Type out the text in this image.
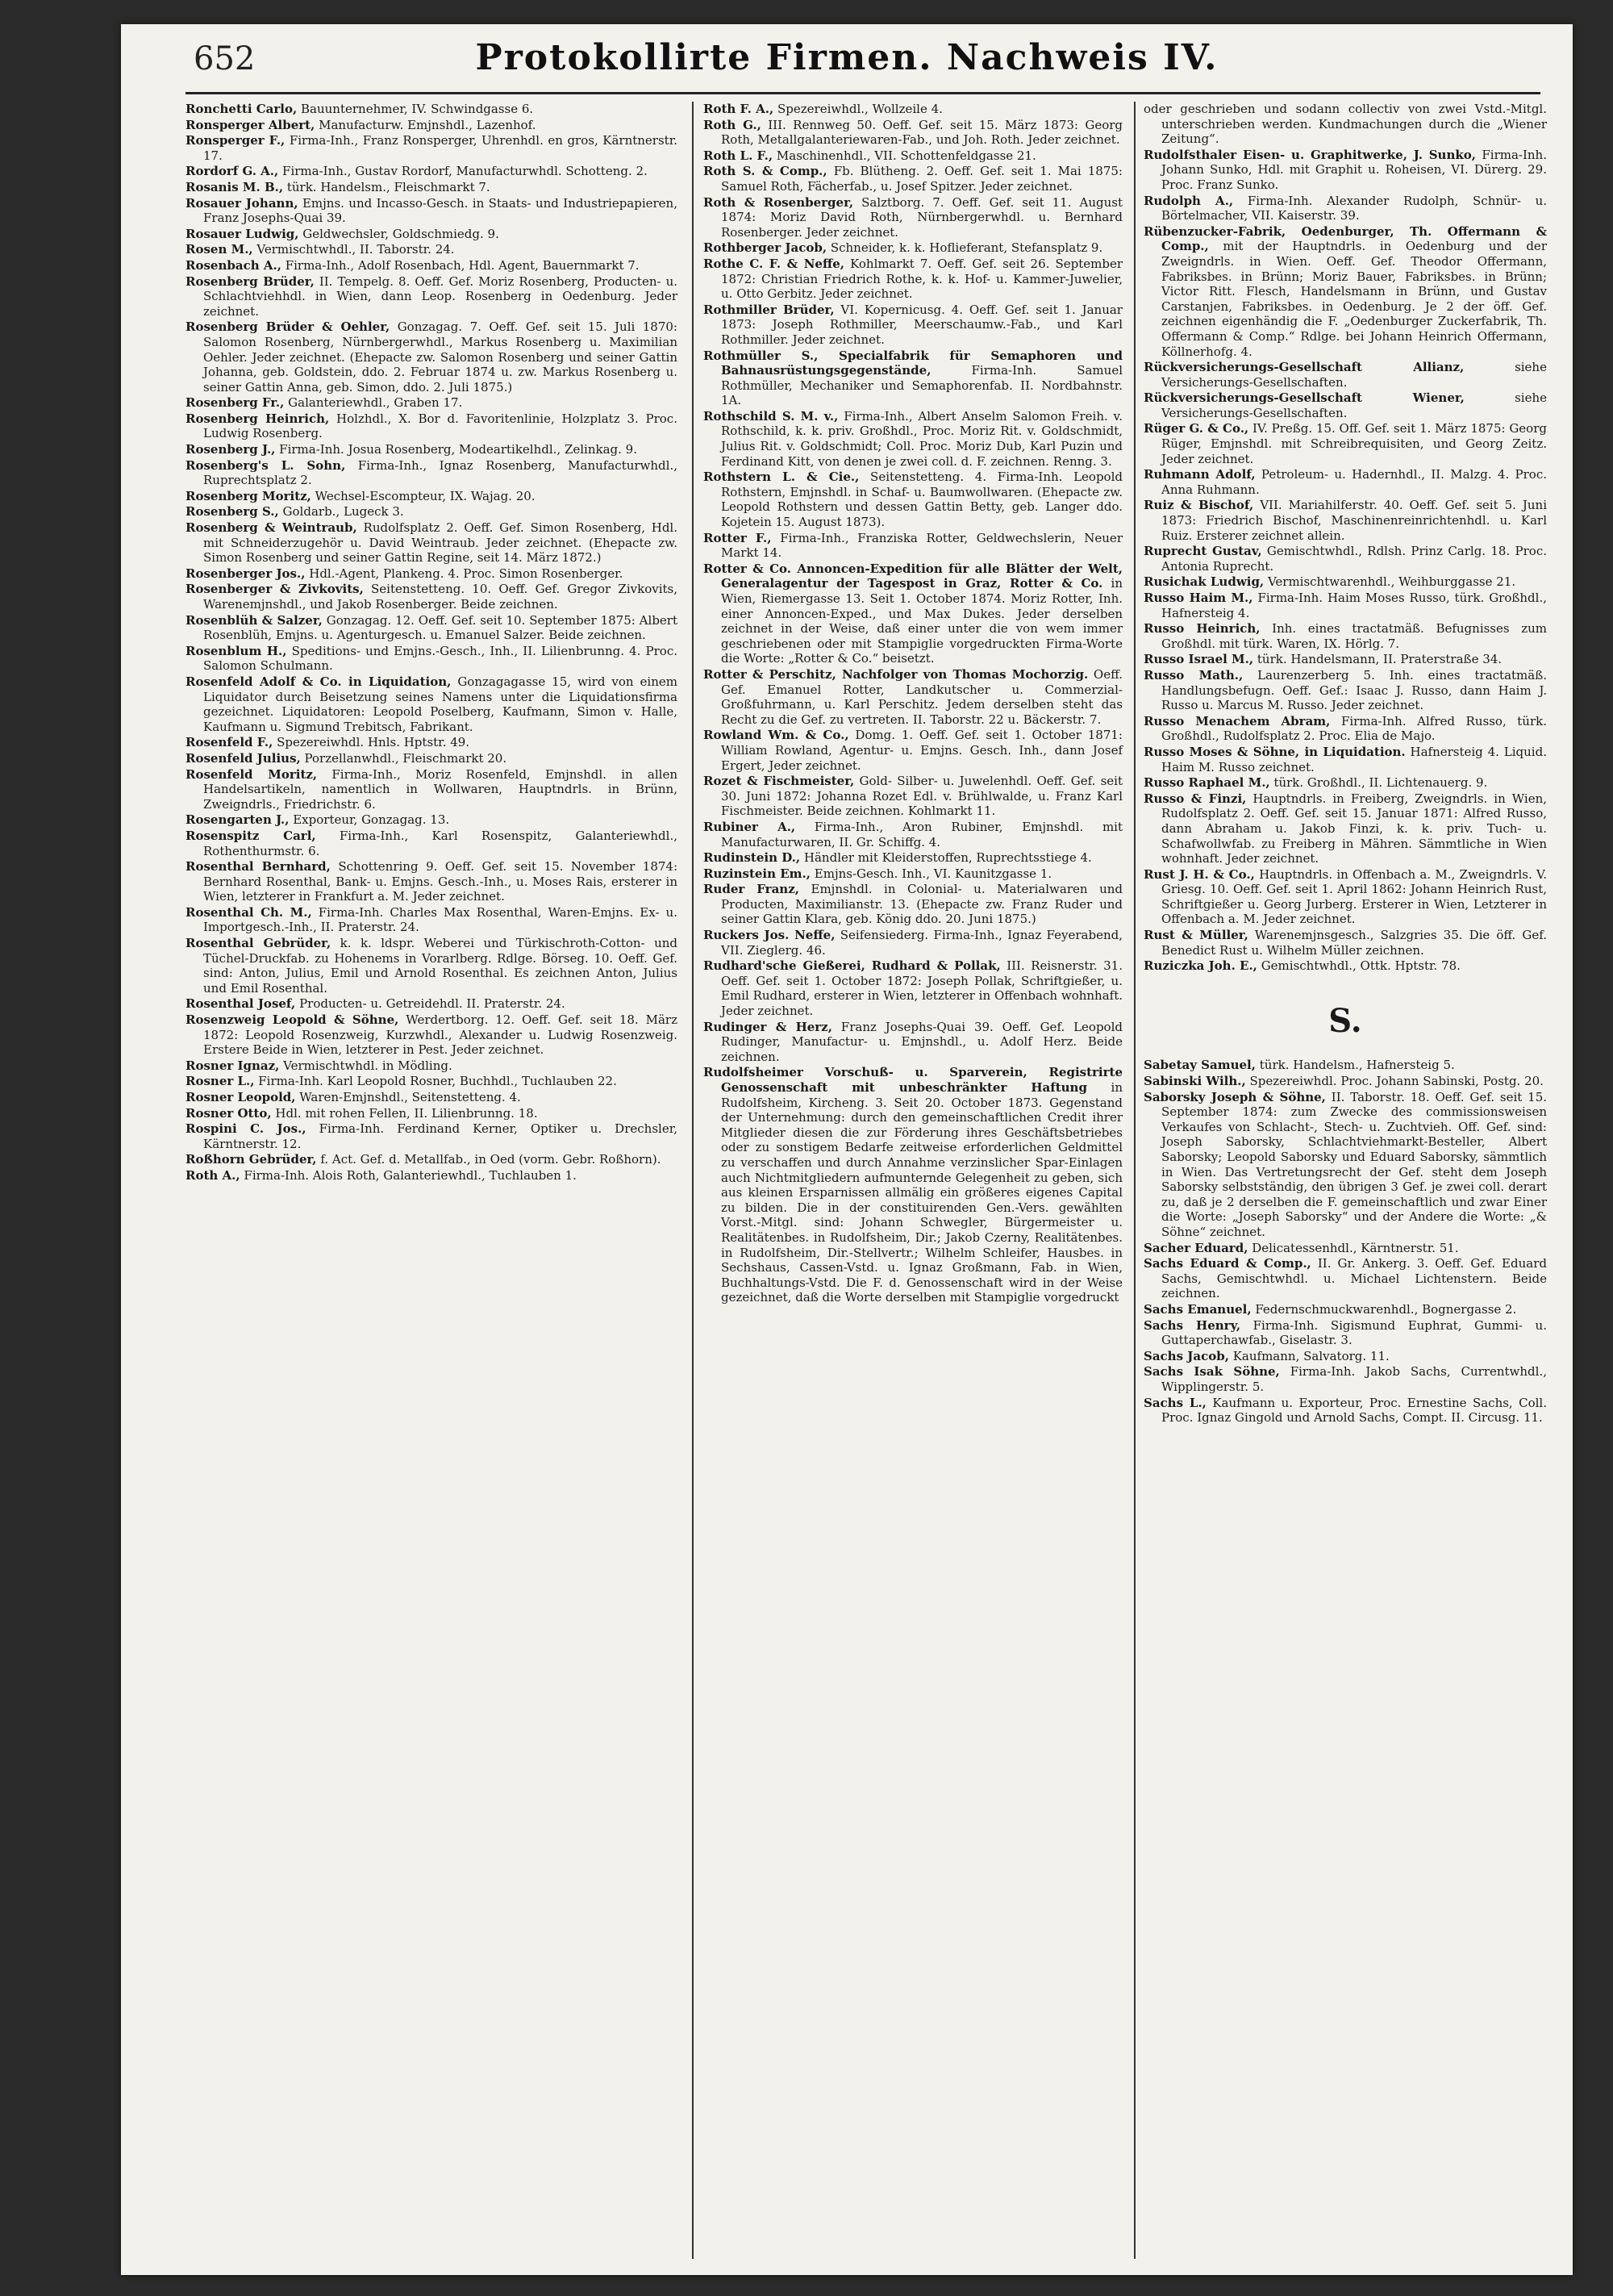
652	Protokollirte Firmen. Nachweis IV.

Ronchetti Carlo, Bauunternehmer, IV. Schwindgasse 6.

Ronsperger Albert, Manufacturw. Emjnshdl., Lazenhof.

Ronsperger F., Firma-Inh., Franz Ronsperger, Uhrenhdl. en gros, Kärntnerstr. 17.

Rordorf G. A., Firma-Inh., Gustav Rordorf, Manufacturwhdl. Schotteng. 2.

Rosanis M. B., türk. Handelsm., Fleischmarkt 7.

Rosauer Johann, Emjns. und Incasso-Gesch. in Staats- und Industriepapieren, Franz Josephs-Quai 39.

Rosauer Ludwig, Geldwechsler, Goldschmiedg. 9.

Rosen M., Vermischtwhdl., II. Taborstr. 24.

Rosenbach A., Firma-Inh., Adolf Rosenbach, Hdl. Agent, Bauernmarkt 7.

Rosenberg Brüder, II. Tempelg. 8. Oeff. Gef. Moriz Rosenberg, Producten- u. Schlachtviehhdl. in Wien, dann Leop. Rosenberg in Oedenburg. Jeder zeichnet.

Rosenberg Brüder & Oehler, Gonzagag. 7. Oeff. Gef. seit 15. Juli 1870: Salomon Rosenberg, Nürnbergerwhdl., Markus Rosenberg u. Maximilian Oehler. Jeder zeichnet. (Ehepacte zw. Salomon Rosenberg und seiner Gattin Johanna, geb. Goldstein, ddo. 2. Februar 1874 u. zw. Markus Rosenberg u. seiner Gattin Anna, geb. Simon, ddo. 2. Juli 1875.)

Rosenberg Fr., Galanteriewhdl., Graben 17.

Rosenberg Heinrich, Holzhdl., X. Bor d. Favoritenlinie, Holzplatz 3. Proc. Ludwig Rosenberg.

Rosenberg J., Firma-Inh. Josua Rosenberg, Modeartikelhdl., Zelinkag. 9.

Rosenberg's L. Sohn, Firma-Inh., Ignaz Rosenberg, Manufacturwhdl., Ruprechtsplatz 2.

Rosenberg Moritz, Wechsel-Escompteur, IX. Wajag. 20.

Rosenberg S., Goldarb., Lugeck 3.

Rosenberg & Weintraub, Rudolfsplatz 2. Oeff. Gef. Simon Rosenberg, Hdl. mit Schneiderzugehör u. David Weintraub. Jeder zeichnet. (Ehepacte zw. Simon Rosenberg und seiner Gattin Regine, seit 14. März 1872.)

Rosenberger Jos., Hdl.-Agent, Plankeng. 4. Proc. Simon Rosenberger.

Rosenberger & Zivkovits, Seitenstetteng. 10. Oeff. Gef. Gregor Zivkovits, Warenemjnshdl., und Jakob Rosenberger. Beide zeichnen.

Rosenblüh & Salzer, Gonzagag. 12. Oeff. Gef. seit 10. September 1875: Albert Rosenblüh, Emjns. u. Agenturgesch. u. Emanuel Salzer. Beide zeichnen.

Rosenblum H., Speditions- und Emjns.-Gesch., Inh., II. Lilienbrunng. 4. Proc. Salomon Schulmann.

Rosenfeld Adolf & Co. in Liquidation, Gonzagagasse 15, wird von einem Liquidator durch Beisetzung seines Namens unter die Liquidationsfirma gezeichnet. Liquidatoren: Leopold Poselberg, Kaufmann, Simon v. Halle, Kaufmann u. Sigmund Trebitsch, Fabrikant.

Rosenfeld F., Spezereiwhdl. Hnls. Hptstr. 49.

Rosenfeld Julius, Porzellanwhdl., Fleischmarkt 20.

Rosenfeld Moritz, Firma-Inh., Moriz Rosenfeld, Emjnshdl. in allen Handelsartikeln, namentlich in Wollwaren, Hauptndrls. in Brünn, Zweigndrls., Friedrichstr. 6.

Rosengarten J., Exporteur, Gonzagag. 13.

Rosenspitz Carl, Firma-Inh., Karl Rosenspitz, Galanteriewhdl., Rothenthurmstr. 6.

Rosenthal Bernhard, Schottenring 9. Oeff. Gef. seit 15. November 1874: Bernhard Rosenthal, Bank- u. Emjns. Gesch.-Inh., u. Moses Rais, ersterer in Wien, letzterer in Frankfurt a. M. Jeder zeichnet.

Rosenthal Ch. M., Firma-Inh. Charles Max Rosenthal, Waren-Emjns. Ex- u. Importgesch.-Inh., II. Praterstr. 24.

Rosenthal Gebrüder, k. k. ldspr. Weberei und Türkischroth-Cotton- und Tüchel-Druckfab. zu Hohenems in Vorarlberg. Rdlge. Börseg. 10. Oeff. Gef. sind: Anton, Julius, Emil und Arnold Rosenthal. Es zeichnen Anton, Julius und Emil Rosenthal.

Rosenthal Josef, Producten- u. Getreidehdl. II. Praterstr. 24.

Rosenzweig Leopold & Söhne, Werdertborg. 12. Oeff. Gef. seit 18. März 1872: Leopold Rosenzweig, Kurzwhdl., Alexander u. Ludwig Rosenzweig. Erstere Beide in Wien, letzterer in Pest. Jeder zeichnet.

Rosner Ignaz, Vermischtwhdl. in Mödling.

Rosner L., Firma-Inh. Karl Leopold Rosner, Buchhdl., Tuchlauben 22.

Rosner Leopold, Waren-Emjnshdl., Seitenstetteng. 4.

Rosner Otto, Hdl. mit rohen Fellen, II. Lilienbrunng. 18.

Rospini C. Jos., Firma-Inh. Ferdinand Kerner, Optiker u. Drechsler, Kärntnerstr. 12.

Roßhorn Gebrüder, f. Act. Gef. d. Metallfab., in Oed (vorm. Gebr. Roßhorn).

Roth A., Firma-Inh. Alois Roth, Galanteriewhdl., Tuchlauben 1.

Roth F. A., Spezereiwhdl., Wollzeile 4.

Roth G., III. Rennweg 50. Oeff. Gef. seit 15. März 1873: Georg Roth, Metallgalanteriewaren-Fab., und Joh. Roth. Jeder zeichnet.

Roth L. F., Maschinenhdl., VII. Schottenfeldgasse 21.

Roth S. & Comp., Fb. Blütheng. 2. Oeff. Gef. seit 1. Mai 1875: Samuel Roth, Fächerfab., u. Josef Spitzer. Jeder zeichnet.

Roth & Rosenberger, Salztborg. 7. Oeff. Gef. seit 11. August 1874: Moriz David Roth, Nürnbergerwhdl. u. Bernhard Rosenberger. Jeder zeichnet.

Rothberger Jacob, Schneider, k. k. Hoflieferant, Stefansplatz 9.

Rothe C. F. & Neffe, Kohlmarkt 7. Oeff. Gef. seit 26. September 1872: Christian Friedrich Rothe, k. k. Hof- u. Kammer-Juwelier, u. Otto Gerbitz. Jeder zeichnet.

Rothmiller Brüder, VI. Kopernicusg. 4. Oeff. Gef. seit 1. Januar 1873: Joseph Rothmiller, Meerschaumw.-Fab., und Karl Rothmiller. Jeder zeichnet.

Rothmüller S., Specialfabrik für Semaphoren und Bahnausrüstungsgegenstände,	Firma-Inh. Samuel Rothmüller, Mechaniker und Semaphorenfab. II. Nordbahnstr. 1A.

Rothschild S. M. v., Firma-Inh., Albert Anselm Salomon Freih. v. Rothschild, k. k. priv. Großhdl., Proc. Moriz Rit. v. Goldschmidt, Julius Rit. v. Goldschmidt; Coll. Proc. Moriz Dub, Karl Puzin und Ferdinand Kitt, von denen je zwei coll. d. F. zeichnen. Renng. 3.

Rothstern L. & Cie., Seitenstetteng. 4. Firma-Inh. Leopold Rothstern, Emjnshdl. in Schaf- u. Baumwollwaren. (Ehepacte zw. Leopold Rothstern und dessen Gattin Betty, geb. Langer ddo. Kojetein 15. August 1873).

Rotter F., Firma-Inh., Franziska Rotter, Geldwechslerin, Neuer Markt 14.

Rotter & Co. Annoncen-Expedition für alle Blätter der Welt, Generalagentur der Tagespost in Graz, Rotter & Co. in Wien, Riemergasse 13. Seit 1. October 1874. Moriz Rotter, Inh. einer Annoncen-Exped., und Max Dukes. Jeder derselben zeichnet in der Weise, daß einer unter die von wem immer geschriebenen oder mit Stampiglie vorgedruckten Firma-Worte die Worte: „Rotter & Co.“ beisetzt.

Rotter & Perschitz, Nachfolger von Thomas Mochorzig. Oeff. Gef. Emanuel Rotter, Landkutscher u. Commerzial-Großfuhrmann, u. Karl Perschitz. Jedem derselben steht das Recht zu die Gef. zu vertreten. II. Taborstr. 22 u. Bäckerstr. 7.

Rowland Wm. & Co., Domg. 1. Oeff. Gef. seit 1. October 1871: William Rowland, Agentur- u. Emjns. Gesch. Inh., dann Josef Ergert, Jeder zeichnet.

Rozet & Fischmeister, Gold- Silber- u. Juwelenhdl. Oeff. Gef. seit 30. Juni 1872: Johanna Rozet Edl. v. Brühlwalde, u. Franz Karl Fischmeister. Beide zeichnen. Kohlmarkt 11.

Rubiner A., Firma-Inh., Aron Rubiner, Emjnshdl. mit Manufacturwaren, II. Gr. Schiffg. 4.

Rudinstein D., Händler mit Kleiderstoffen, Ruprechtsstiege 4.

Ruzinstein Em., Emjns-Gesch. Inh., VI. Kaunitzgasse 1.

Ruder Franz, Emjnshdl. in Colonial- u. Materialwaren und Producten, Maximilianstr. 13. (Ehepacte zw. Franz Ruder und seiner Gattin Klara, geb. König ddo. 20. Juni 1875.)

Ruckers Jos. Neffe, Seifensiederg. Firma-Inh., Ignaz Feyerabend, VII. Zieglerg. 46.

Rudhard'sche Gießerei, Rudhard & Pollak, III. Reisnerstr. 31. Oeff. Gef. seit 1. October 1872: Joseph Pollak, Schriftgießer, u. Emil Rudhard, ersterer in Wien, letzterer in Offenbach wohnhaft. Jeder zeichnet.

Rudinger & Herz, Franz Josephs-Quai 39. Oeff. Gef. Leopold Rudinger, Manufactur- u. Emjnshdl., u. Adolf Herz. Beide zeichnen.

Rudolfsheimer Vorschuß- u. Sparverein, Registrirte Genossenschaft mit unbeschränkter Haftung in Rudolfsheim, Kircheng. 3. Seit 20. October 1873. Gegenstand der Unternehmung: durch den gemeinschaftlichen Credit ihrer Mitglieder diesen die zur Förderung ihres Geschäftsbetriebes oder zu sonstigem Bedarfe zeitweise erforderlichen Geldmittel zu verschaffen und durch Annahme verzinslicher Spar-Einlagen auch Nichtmitgliedern aufmunternde Gelegenheit zu geben, sich aus kleinen Ersparnissen allmälig ein größeres eigenes Capital zu bilden. Die in der constituirenden Gen.-Vers. gewählten Vorst.-Mitgl. sind: Johann Schwegler, Bürgermeister u. Realitätenbes. in Rudolfsheim, Dir.; Jakob Czerny, Realitätenbes. in Rudolfsheim, Dir.-Stellvertr.; Wilhelm Schleifer, Hausbes. in Sechshaus, Cassen-Vstd. u. Ignaz Großmann, Fab. in Wien, Buchhaltungs-Vstd. Die F. d. Genossenschaft wird in der Weise gezeichnet, daß die Worte derselben mit Stampiglie vorgedruckt

oder geschrieben und sodann collectiv von zwei Vstd.-Mitgl. unterschrieben werden. Kundmachungen durch die „Wiener Zeitung“.

Rudolfsthaler Eisen- u. Graphitwerke, J. Sunko, Firma-Inh. Johann Sunko, Hdl. mit Graphit u. Roheisen, VI. Dürerg. 29. Proc. Franz Sunko.

Rudolph A., Firma-Inh. Alexander Rudolph, Schnür- u. Börtelmacher, VII. Kaiserstr. 39.

Rübenzucker-Fabrik, Oedenburger, Th. Offermann & Comp., mit der Hauptndrls. in Oedenburg und der Zweigndrls. in Wien. Oeff. Gef. Theodor Offermann, Fabriksbes. in Brünn; Moriz Bauer, Fabriksbes. in Brünn; Victor Ritt. Flesch, Handelsmann in Brünn, und Gustav Carstanjen, Fabriksbes. in Oedenburg. Je 2 der öff. Gef. zeichnen eigenhändig die F. „Oedenburger Zuckerfabrik, Th. Offermann & Comp.“ Rdlge. bei Johann Heinrich Offermann, Köllnerhofg. 4.

Rückversicherungs-Gesellschaft Allianz,	siehe Versicherungs-Gesellschaften.

Rückversicherungs-Gesellschaft Wiener,	siehe Versicherungs-Gesellschaften.

Rüger G. & Co., IV. Preßg. 15. Off. Gef. seit 1. März 1875: Georg Rüger, Emjnshdl. mit Schreibrequisiten, und Georg Zeitz. Jeder zeichnet.

Ruhmann Adolf, Petroleum- u. Hadernhdl., II. Malzg. 4. Proc. Anna Ruhmann.

Ruiz & Bischof, VII. Mariahilferstr. 40. Oeff. Gef. seit 5. Juni 1873: Friedrich Bischof, Maschinenreinrichtenhdl. u. Karl Ruiz. Ersterer zeichnet allein.

Ruprecht Gustav, Gemischtwhdl., Rdlsh. Prinz Carlg. 18. Proc. Antonia Ruprecht.

Rusichak Ludwig, Vermischtwarenhdl., Weihburggasse 21.

Russo Haim M., Firma-Inh. Haim Moses Russo, türk. Großhdl., Hafnersteig 4.

Russo Heinrich, Inh. eines tractatmäß. Befugnisses zum Großhdl. mit türk. Waren, IX. Hörlg. 7.

Russo Israel M., türk. Handelsmann, II. Praterstraße 34.

Russo Math., Laurenzerberg 5. Inh. eines tractatmäß. Handlungsbefugn. Oeff. Gef.: Isaac J. Russo, dann Haim J. Russo u. Marcus M. Russo. Jeder zeichnet.

Russo Menachem Abram, Firma-Inh. Alfred Russo, türk. Großhdl., Rudolfsplatz 2. Proc. Elia de Majo.

Russo Moses & Söhne, in Liquidation. Hafnersteig 4. Liquid. Haim M. Russo zeichnet.

Russo Raphael M., türk. Großhdl., II. Lichtenauerg. 9.

Russo & Finzi, Hauptndrls. in Freiberg, Zweigndrls. in Wien, Rudolfsplatz 2. Oeff. Gef. seit 15. Januar 1871: Alfred Russo, dann Abraham u. Jakob Finzi, k. k. priv. Tuch- u. Schafwollwfab. zu Freiberg in Mähren. Sämmtliche in Wien wohnhaft. Jeder zeichnet.

Rust J. H. & Co., Hauptndrls. in Offenbach a. M., Zweigndrls. V. Griesg. 10. Oeff. Gef. seit 1. April 1862: Johann Heinrich Rust, Schriftgießer u. Georg Jurberg. Ersterer in Wien, Letzterer in Offenbach a. M. Jeder zeichnet.

Rust & Müller, Warenemjnsgesch., Salzgries 35. Die öff. Gef. Benedict Rust u. Wilhelm Müller zeichnen.

Ruziczka Joh. E., Gemischtwhdl., Ottk. Hptstr. 78.

S.

Sabetay Samuel, türk. Handelsm., Hafnersteig 5.

Sabinski Wilh., Spezereiwhdl. Proc. Johann Sabinski, Postg. 20.

Saborsky Joseph & Söhne, II. Taborstr. 18. Oeff. Gef. seit 15. September 1874: zum Zwecke des commissionsweisen Verkaufes von Schlacht-, Stech- u. Zuchtvieh. Off. Gef. sind: Joseph Saborsky, Schlachtviehmarkt-Besteller, Albert Saborsky; Leopold Saborsky und Eduard Saborsky, sämmtlich in Wien. Das Vertretungsrecht der Gef. steht dem Joseph Saborsky selbstständig, den übrigen 3 Gef. je zwei coll. derart zu, daß je 2 derselben die F. gemeinschaftlich und zwar Einer die Worte: „Joseph Saborsky“ und der Andere die Worte: „& Söhne“ zeichnet.

Sacher Eduard, Delicatessenhdl., Kärntnerstr. 51.

Sachs Eduard & Comp., II. Gr. Ankerg. 3. Oeff. Gef. Eduard Sachs, Gemischtwhdl. u. Michael Lichtenstern. Beide zeichnen.

Sachs Emanuel, Federnschmuckwarenhdl., Bognergasse 2.

Sachs Henry, Firma-Inh. Sigismund Euphrat, Gummi- u. Guttaperchawfab., Giselastr. 3.

Sachs Jacob, Kaufmann, Salvatorg. 11.

Sachs Isak Söhne, Firma-Inh. Jakob Sachs, Currentwhdl., Wipplingerstr. 5.

Sachs L., Kaufmann u. Exporteur, Proc. Ernestine Sachs, Coll. Proc. Ignaz Gingold und Arnold Sachs, Compt. II. Circusg. 11.
